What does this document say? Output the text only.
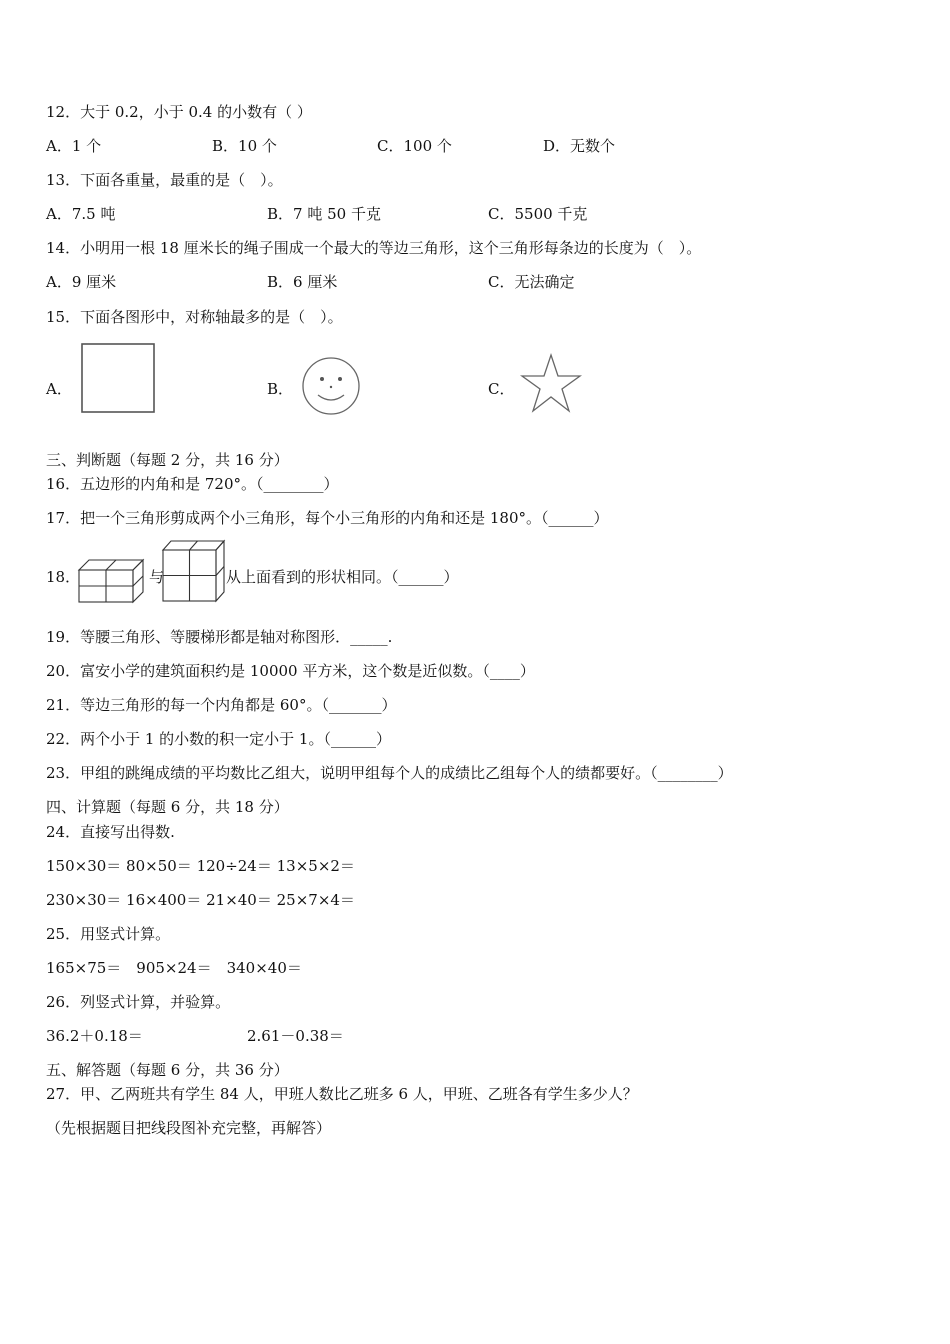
12．大于 0.2，小于 0.4 的小数有（ ）
A．1 个	B．10 个	C．100 个	D．无数个
13．下面各重量，最重的是（　）。
A．7.5 吨	B．7 吨 50 千克	C．5500 千克
14．小明用一根 18 厘米长的绳子围成一个最大的等边三角形，这个三角形每条边的长度为（　）。
A．9 厘米	B．6 厘米	C．无法确定
15．下面各图形中，对称轴最多的是（　）。
A．	B．	C．
三、判断题（每题 2 分，共 16 分）
16．五边形的内角和是 720°。（________）
17．把一个三角形剪成两个小三角形，每个小三角形的内角和还是 180°。（______）
18．	与	从上面看到的形状相同。（______）
19．等腰三角形、等腰梯形都是轴对称图形．_____.
20．富安小学的建筑面积约是 10000 平方米，这个数是近似数。（____）
21．等边三角形的每一个内角都是 60°。（_______）
22．两个小于 1 的小数的积一定小于 1。（______）
23．甲组的跳绳成绩的平均数比乙组大，说明甲组每个人的成绩比乙组每个人的绩都要好。（________）
四、计算题（每题 6 分，共 18 分）
24．直接写出得数.
150×30＝ 80×50＝ 120÷24＝ 13×5×2＝
230×30＝ 16×400＝ 21×40＝ 25×7×4＝
25．用竖式计算。
165×75＝　905×24＝　340×40＝
26．列竖式计算，并验算。
36.2＋0.18＝	2.61－0.38＝
五、解答题（每题 6 分，共 36 分）
27．甲、乙两班共有学生 84 人，甲班人数比乙班多 6 人，甲班、乙班各有学生多少人？
（先根据题目把线段图补充完整，再解答）
